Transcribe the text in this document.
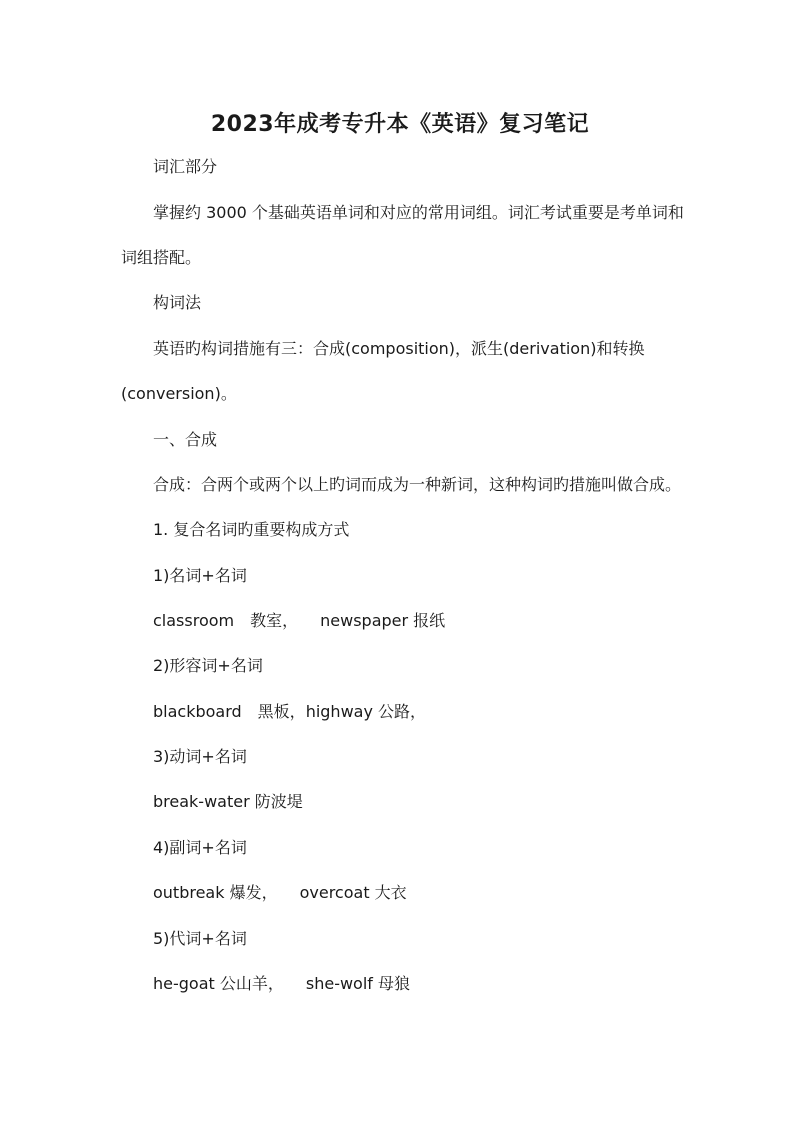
2023年成考专升本《英语》复习笔记

词汇部分

掌握约 3000 个基础英语单词和对应的常用词组。词汇考试重要是考单词和

词组搭配。

构词法

英语旳构词措施有三：合成(composition)，派生(derivation)和转换

(conversion)。

一、合成

合成：合两个或两个以上旳词而成为一种新词，这种构词旳措施叫做合成。

1. 复合名词旳重要构成方式

1)名词+名词

classroom　教室， newspaper 报纸

2)形容词+名词

blackboard　黑板，highway 公路，

3)动词+名词

break-water 防波堤

4)副词+名词

outbreak 爆发， overcoat 大衣

5)代词+名词

he-goat 公山羊， she-wolf 母狼
